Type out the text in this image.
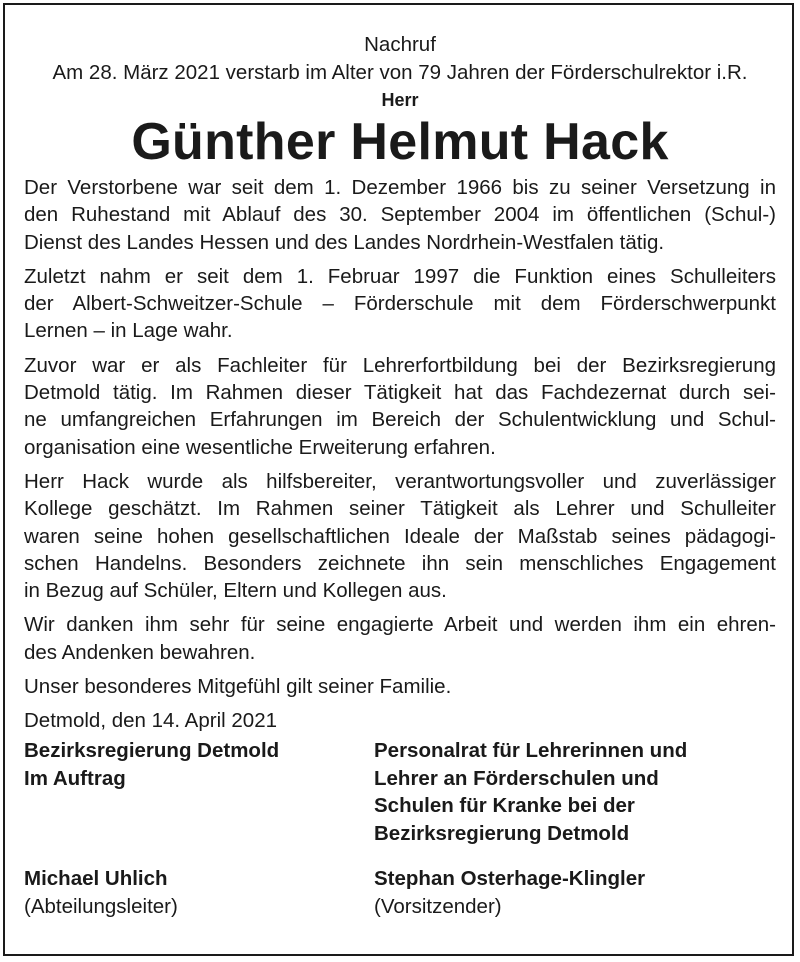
Nachruf
Am 28. März 2021 verstarb im Alter von 79 Jahren der Förderschulrektor i.R.
Herr
Günther Helmut Hack
Der Verstorbene war seit dem 1. Dezember 1966 bis zu seiner Versetzung in
den Ruhestand mit Ablauf des 30. September 2004 im öffentlichen (Schul-)
Dienst des Landes Hessen und des Landes Nordrhein-Westfalen tätig.
Zuletzt nahm er seit dem 1. Februar 1997 die Funktion eines Schulleiters
der Albert-Schweitzer-Schule – Förderschule mit dem Förderschwerpunkt
Lernen – in Lage wahr.
Zuvor war er als Fachleiter für Lehrerfortbildung bei der Bezirksregierung
Detmold tätig. Im Rahmen dieser Tätigkeit hat das Fachdezernat durch sei-
ne umfangreichen Erfahrungen im Bereich der Schulentwicklung und Schul-
organisation eine wesentliche Erweiterung erfahren.
Herr Hack wurde als hilfsbereiter, verantwortungsvoller und zuverlässiger
Kollege geschätzt. Im Rahmen seiner Tätigkeit als Lehrer und Schulleiter
waren seine hohen gesellschaftlichen Ideale der Maßstab seines pädagogi-
schen Handelns. Besonders zeichnete ihn sein menschliches Engagement
in Bezug auf Schüler, Eltern und Kollegen aus.
Wir danken ihm sehr für seine engagierte Arbeit und werden ihm ein ehren-
des Andenken bewahren.
Unser besonderes Mitgefühl gilt seiner Familie.
Detmold, den 14. April 2021
Bezirksregierung Detmold
Im Auftrag
Personalrat für Lehrerinnen und
Lehrer an Förderschulen und
Schulen für Kranke bei der
Bezirksregierung Detmold
Michael Uhlich
(Abteilungsleiter)
Stephan Osterhage-Klingler
(Vorsitzender)
